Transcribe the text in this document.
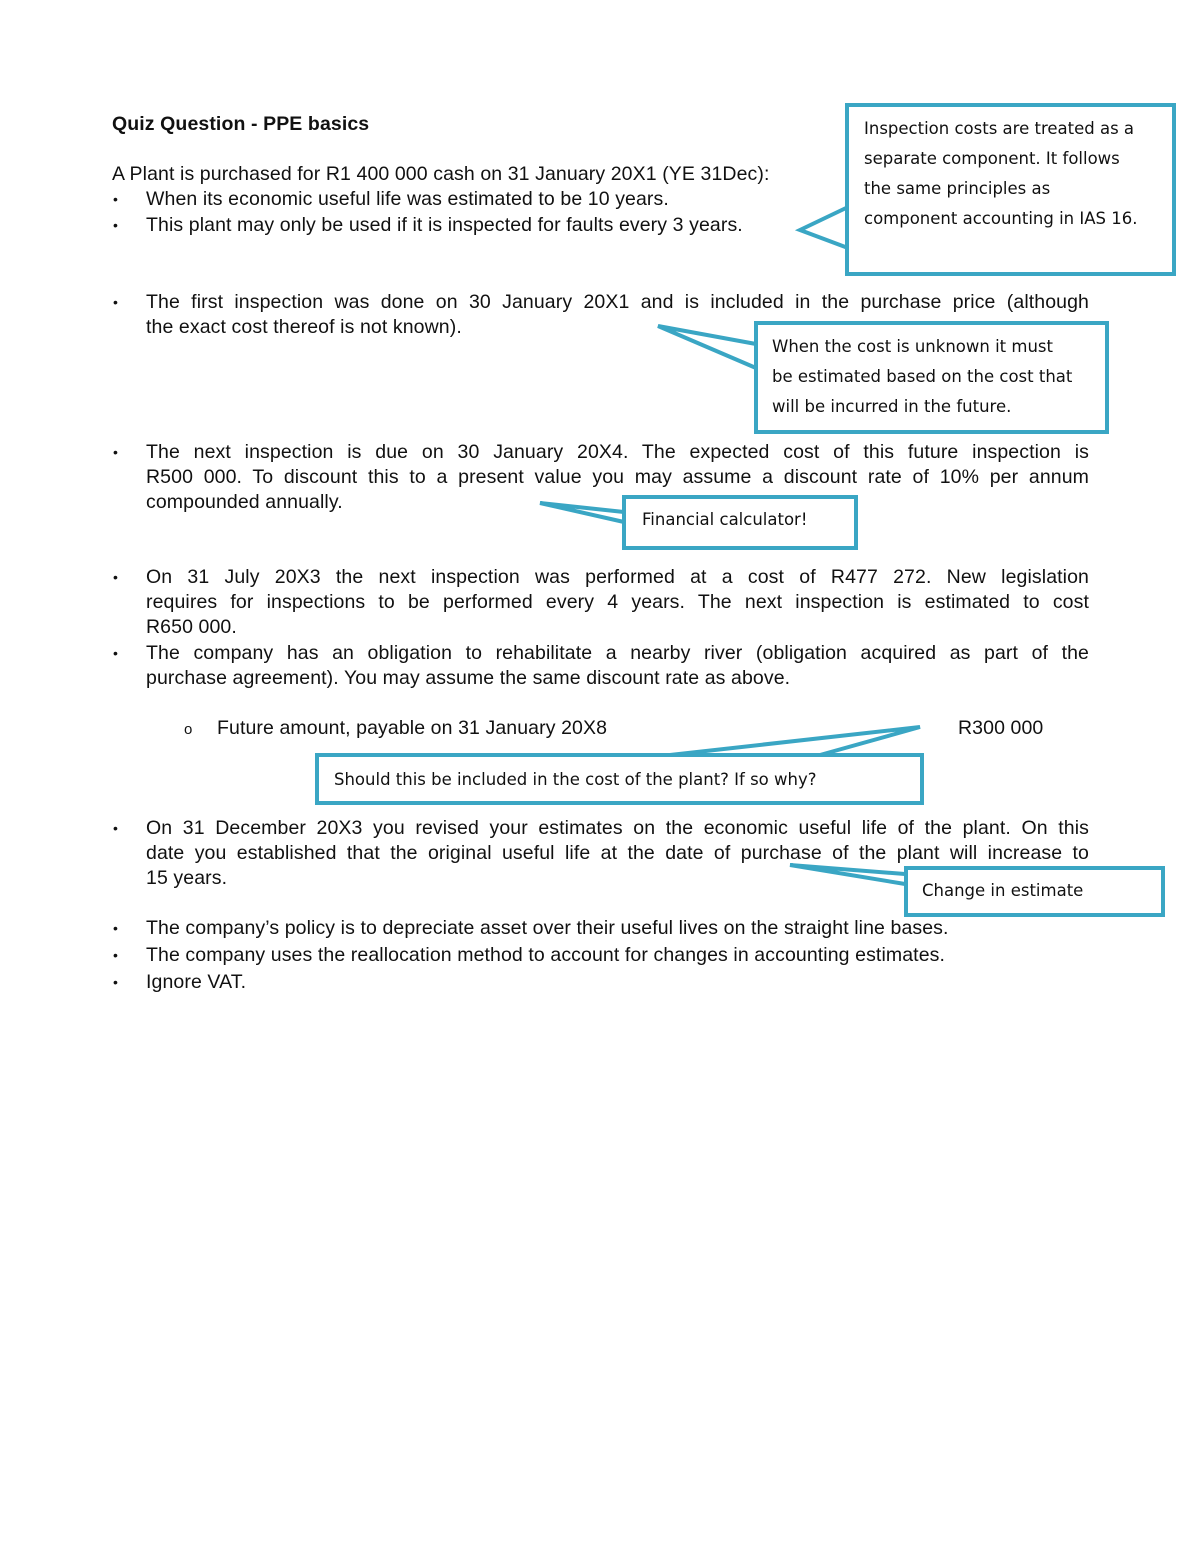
Quiz Question - PPE basics
A Plant is purchased for R1 400 000 cash on 31 January 20X1 (YE 31Dec):
• When its economic useful life was estimated to be 10 years.
• This plant may only be used if it is inspected for faults every 3 years.
• The first inspection was done on 30 January 20X1 and is included in the purchase price (although
the exact cost thereof is not known).
• The next inspection is due on 30 January 20X4. The expected cost of this future inspection is
R500 000. To discount this to a present value you may assume a discount rate of 10% per annum
compounded annually.
• On 31 July 20X3 the next inspection was performed at a cost of R477 272. New legislation
requires for inspections to be performed every 4 years. The next inspection is estimated to cost
R650 000.
• The company has an obligation to rehabilitate a nearby river (obligation acquired as part of the
purchase agreement). You may assume the same discount rate as above.
o Future amount, payable on 31 January 20X8	R300 000
• On 31 December 20X3 you revised your estimates on the economic useful life of the plant. On this
date you established that the original useful life at the date of purchase of the plant will increase to
15 years.
• The company’s policy is to depreciate asset over their useful lives on the straight line bases.
• The company uses the reallocation method to account for changes in accounting estimates.
• Ignore VAT.
Inspection costs are treated as a
separate component. It follows
the same principles as
component accounting in IAS 16.
When the cost is unknown it must
be estimated based on the cost that
will be incurred in the future.
Financial calculator!
Should this be included in the cost of the plant? If so why?
Change in estimate
